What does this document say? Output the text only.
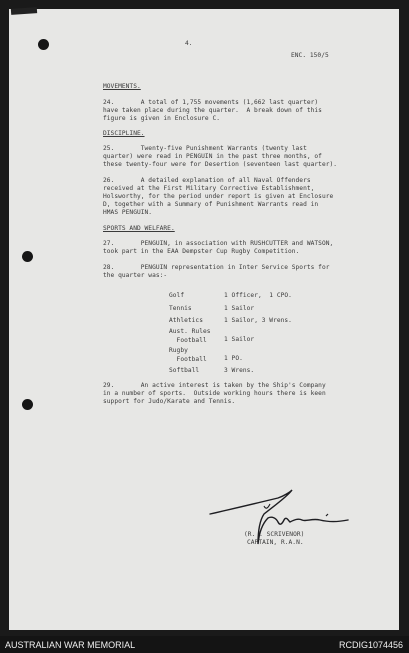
4.
ENC. 150/5
MOVEMENTS.
24.       A total of 1,755 movements (1,662 last quarter)
have taken place during the quarter.  A break down of this
figure is given in Enclosure C.
DISCIPLINE.
25.       Twenty-five Punishment Warrants (twenty last
quarter) were read in PENGUIN in the past three months, of
these twenty-four were for Desertion (seventeen last quarter).
26.       A detailed explanation of all Naval Offenders
received at the First Military Corrective Establishment,
Holsworthy, for the period under report is given at Enclosure
D, together with a Summary of Punishment Warrants read in
HMAS PENGUIN.
SPORTS AND WELFARE.
27.       PENGUIN, in association with RUSHCUTTER and WATSON,
took part in the EAA Dempster Cup Rugby Competition.
28.       PENGUIN representation in Inter Service Sports for
the quarter was:-
Golf	1 Officer,  1 CPO.
Tennis	1 Sailor
Athletics	1 Sailor, 3 Wrens.
Aust. Rules
Football	1 Sailor
Rugby
Football	1 PO.
Softball	3 Wrens.
29.       An active interest is taken by the Ship's Company
in a number of sports.  Outside working hours there is keen
support for Judo/Karate and Tennis.
(R. . SCRIVENOR)
CAPTAIN, R.A.N.
AUSTRALIAN WAR MEMORIAL	RCDIG1074456
